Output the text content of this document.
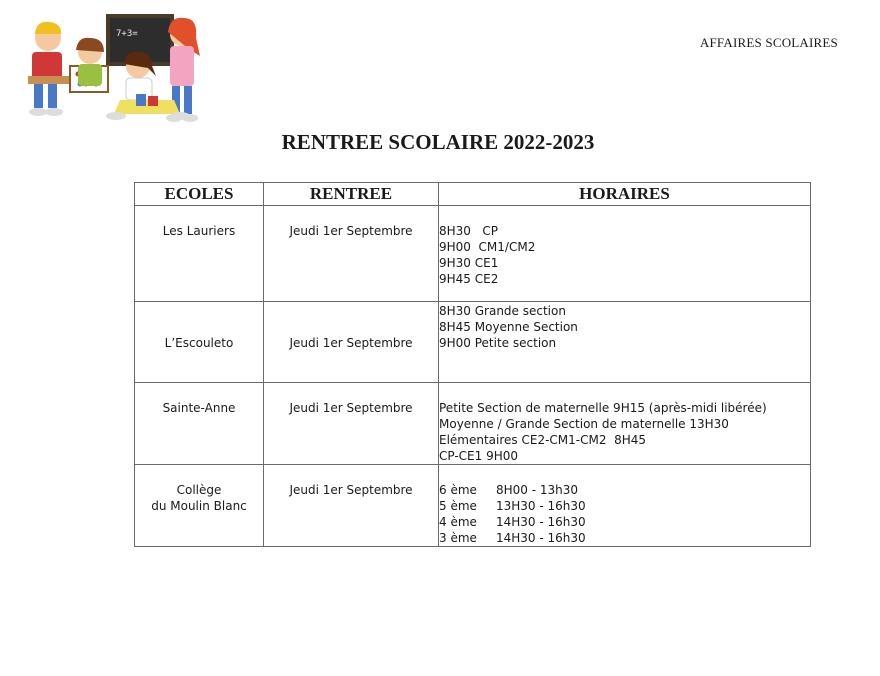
7+3=
AFFAIRES SCOLAIRES
RENTREE SCOLAIRE 2022-2023
ECOLES	RENTREE	HORAIRES

Les Lauriers	Jeudi 1er Septembre	8H30   CP
9H00  CM1/CM2
9H30 CE1
9H45 CE2

L’Escouleto	Jeudi 1er Septembre	8H30 Grande section
8H45 Moyenne Section
9H00 Petite section

Sainte-Anne	Jeudi 1er Septembre	Petite Section de maternelle 9H15 (après-midi libérée)
Moyenne / Grande Section de maternelle 13H30
Elémentaires CE2-CM1-CM2  8H45
CP-CE1 9H00

Collège
du Moulin Blanc	Jeudi 1er Septembre	6 ème     8H00 - 13h30
5 ème     13H30 - 16h30
4 ème     14H30 - 16h30
3 ème     14H30 - 16h30
